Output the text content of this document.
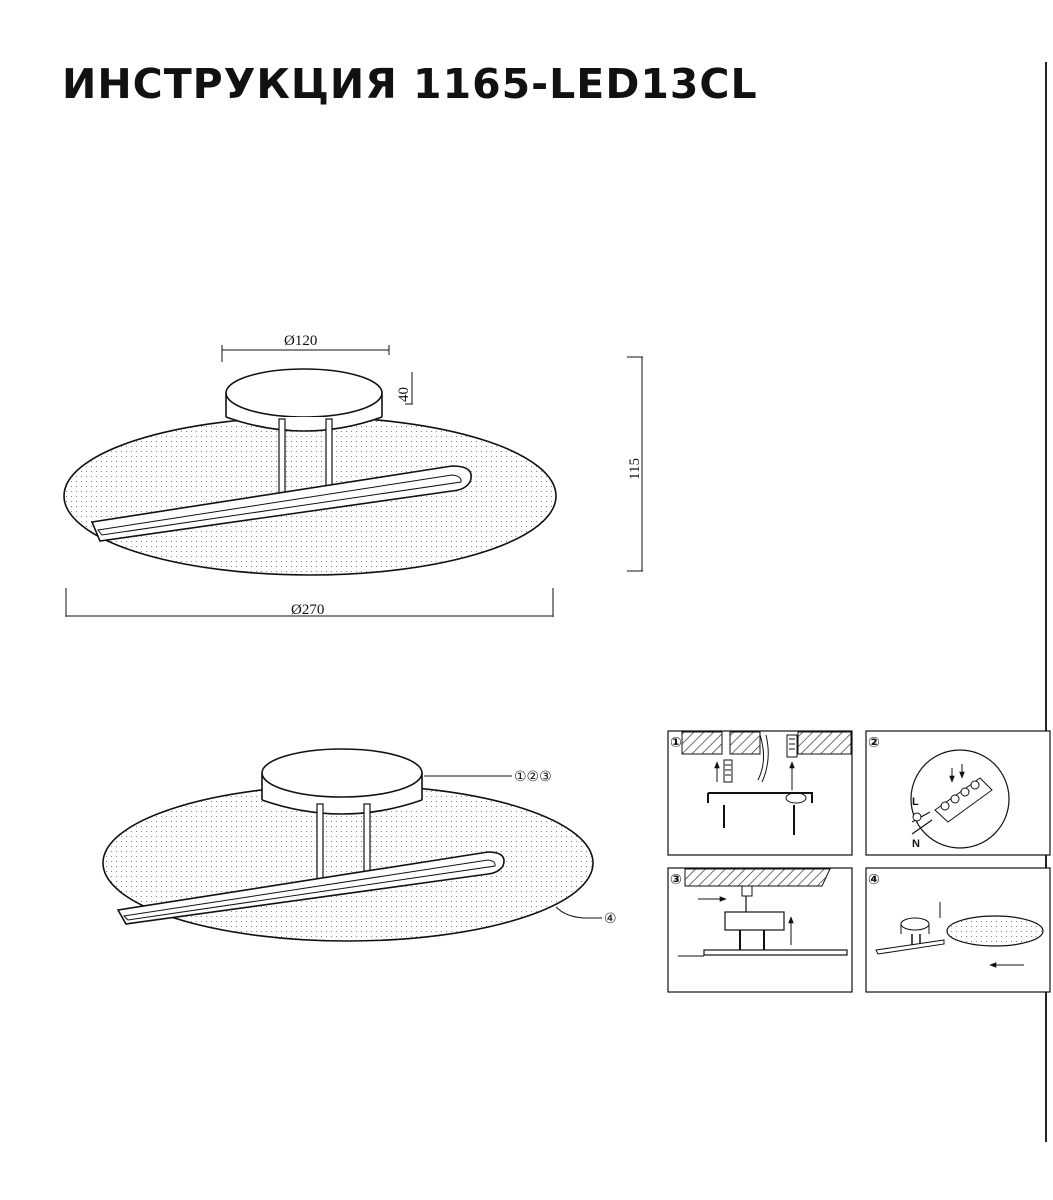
ИНСТРУКЦИЯ 1165-LED13CL
Ø120
40
115
Ø270
①②③
④
①
L
N
②
③	④
